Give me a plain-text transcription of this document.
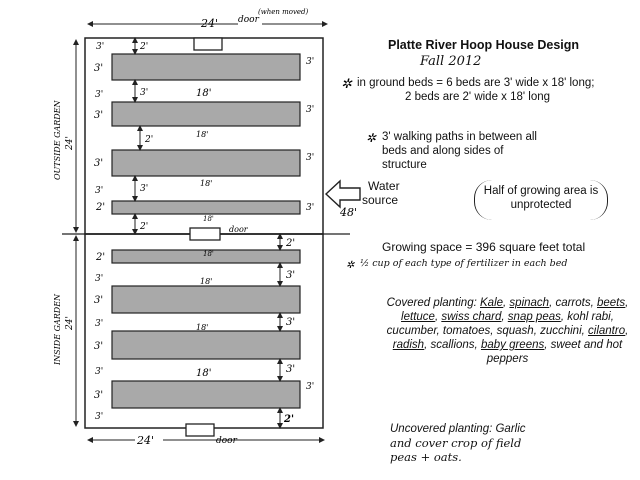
24' door
(when moved)
24'	door
door
OUTSIDE GARDEN 24'
INSIDE GARDEN 24'
48'
3'
3'
3'
2'
2'
3'
3'
3'
18'
18'
18'
18'
18'
18'
18'
18'
3'	2'
3'
3'	3'
3'
2'
3'
3'	3'
3'
2'
2'
3'
3'
3'
3'
3'
3'
3'
3'	2'
✲
✲
✲
Platte River Hoop House Design
Fall 2012
in ground beds = 6 beds are 3' wide x 18' long;
2 beds are 2' wide x 18' long
3' walking paths in between all
beds and along sides of
structure
Water
source
Half of growing area is
unprotected
Growing space = 396 square feet total
½ cup of each type of fertilizer in each bed
Covered planting: Kale, spinach, carrots, beets, lettuce, swiss chard, snap peas, kohl rabi, cucumber, tomatoes, squash, zucchini, cilantro, radish, scallions, baby greens, sweet and hot peppers
Uncovered planting: Garlic
and cover crop of field
peas + oats.
